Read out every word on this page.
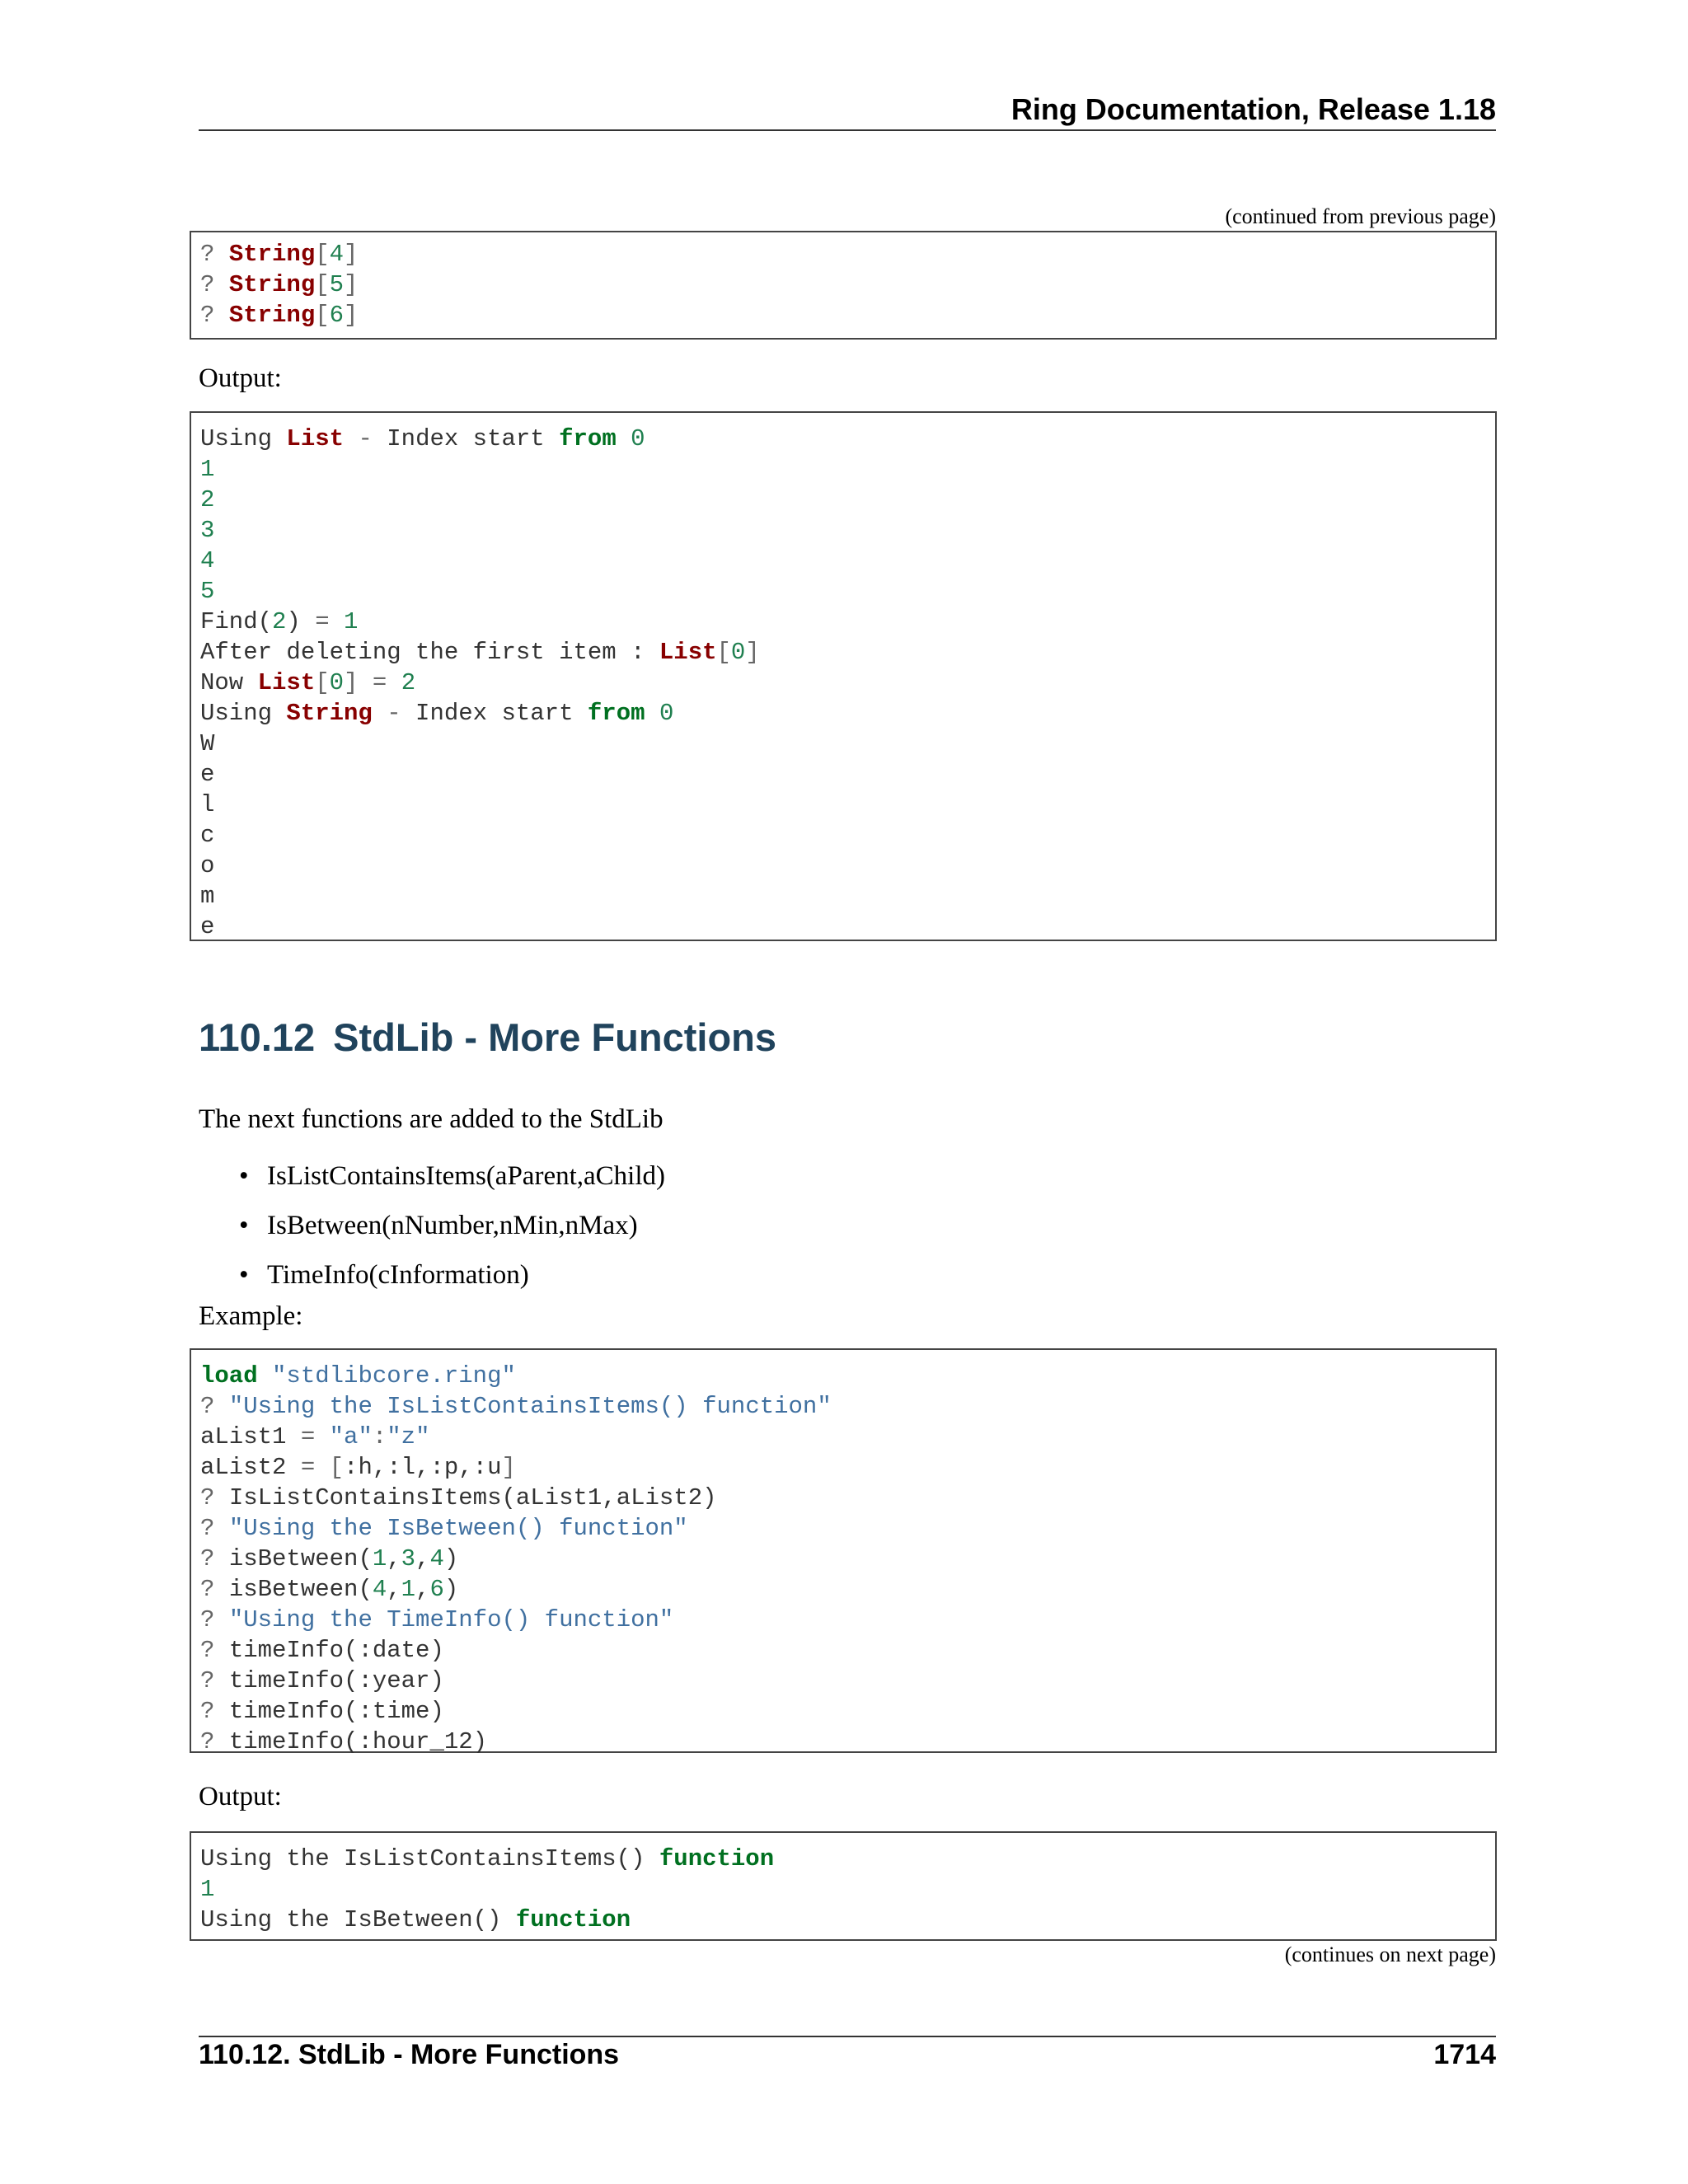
Ring Documentation, Release 1.18
(continued from previous page)
? String[4]
? String[5]
? String[6]
Output:
Using List - Index start from 0
1
2
3
4
5
Find(2) = 1
After deleting the first item : List[0]
Now List[0] = 2
Using String - Index start from 0
W
e
l
c
o
m
e
110.12 StdLib - More Functions
The next functions are added to the StdLib
• IsListContainsItems(aParent,aChild)
• IsBetween(nNumber,nMin,nMax)
• TimeInfo(cInformation)
Example:
load "stdlibcore.ring"
? "Using the IsListContainsItems() function"
aList1 = "a":"z"
aList2 = [:h,:l,:p,:u]
? IsListContainsItems(aList1,aList2)
? "Using the IsBetween() function"
? isBetween(1,3,4)
? isBetween(4,1,6)
? "Using the TimeInfo() function"
? timeInfo(:date)
? timeInfo(:year)
? timeInfo(:time)
? timeInfo(:hour_12)
Output:
Using the IsListContainsItems() function
1
Using the IsBetween() function
(continues on next page)
110.12. StdLib - More Functions	1714
